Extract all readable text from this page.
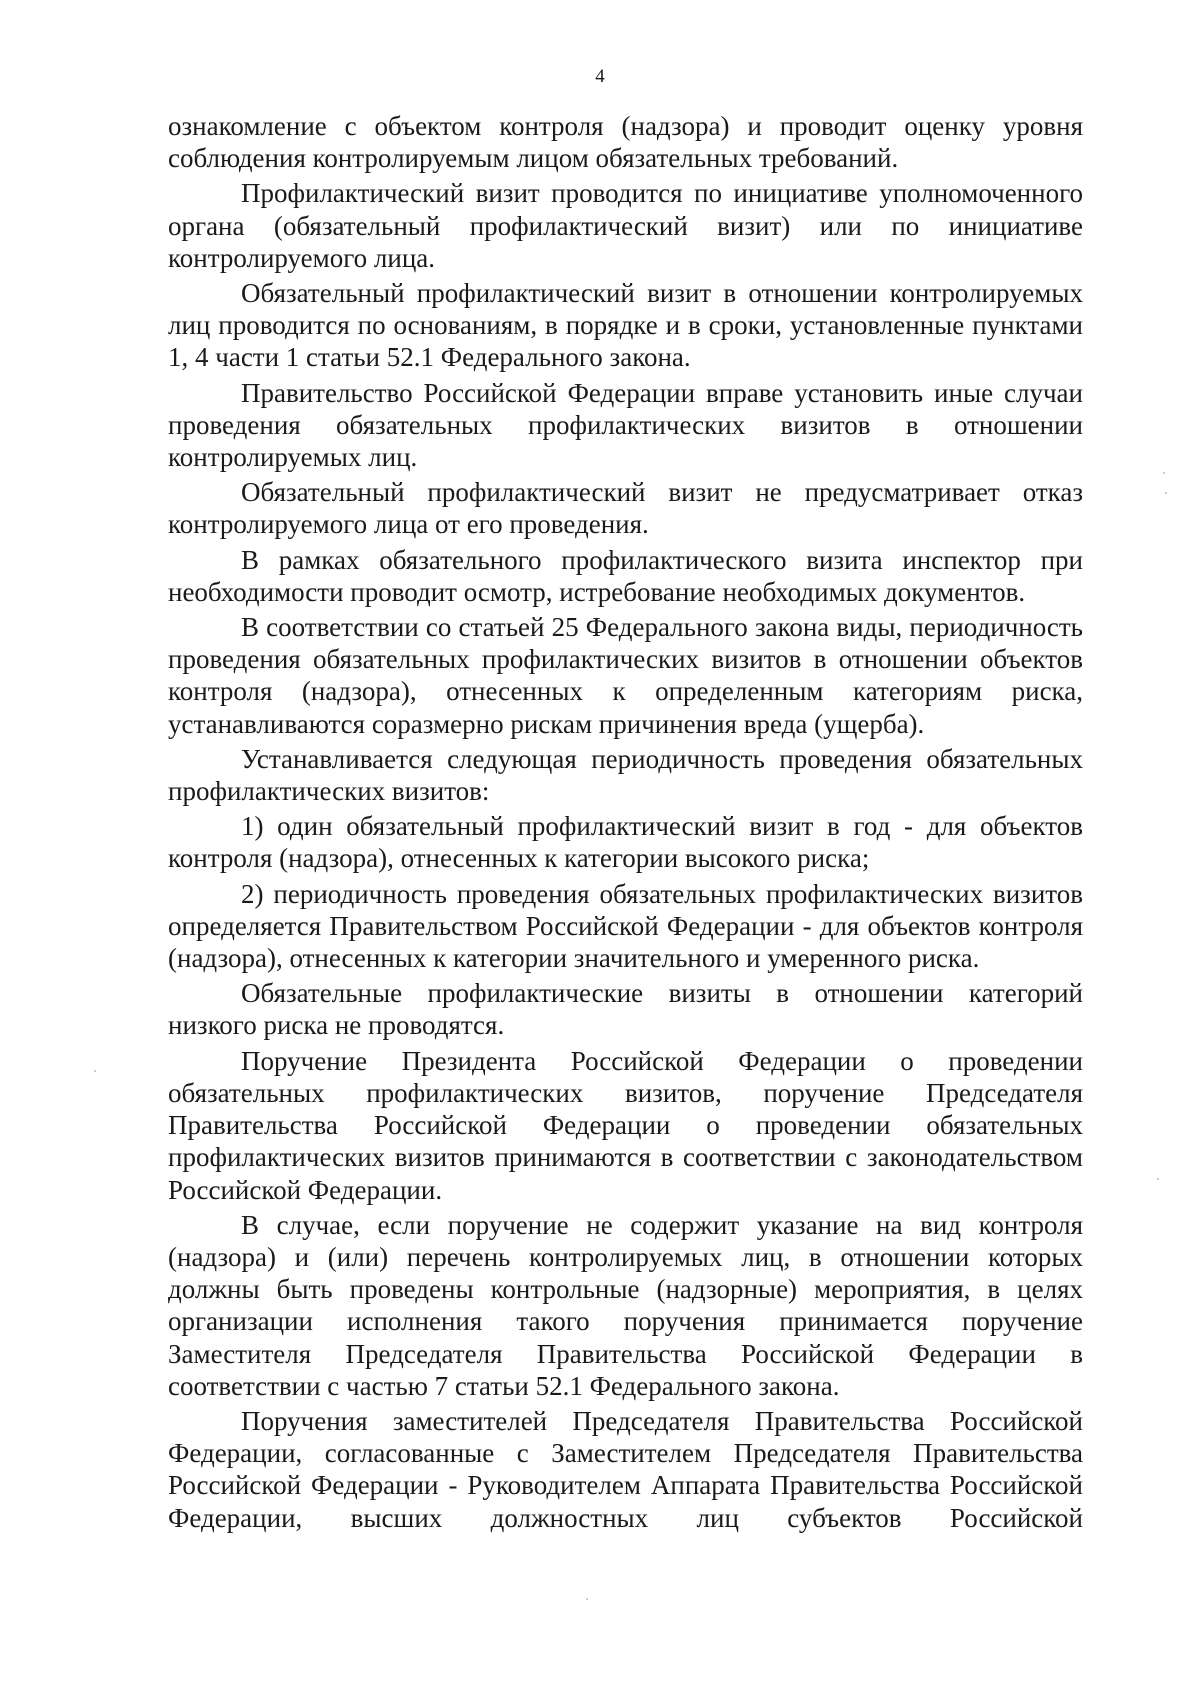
4

ознакомление с объектом контроля (надзора) и проводит оценку уровня соблюдения контролируемым лицом обязательных требований.

Профилактический визит проводится по инициативе уполномоченного органа (обязательный профилактический визит) или по инициативе контролируемого лица.

Обязательный профилактический визит в отношении контролируемых лиц проводится по основаниям, в порядке и в сроки, установленные пунктами 1, 4 части 1 статьи 52.1 Федерального закона.

Правительство Российской Федерации вправе установить иные случаи проведения обязательных профилактических визитов в отношении контролируемых лиц.

Обязательный профилактический визит не предусматривает отказ контролируемого лица от его проведения.

В рамках обязательного профилактического визита инспектор при необходимости проводит осмотр, истребование необходимых документов.

В соответствии со статьей 25 Федерального закона виды, периодичность проведения обязательных профилактических визитов в отношении объектов контроля (надзора), отнесенных к определенным категориям риска, устанавливаются соразмерно рискам причинения вреда (ущерба).

Устанавливается следующая периодичность проведения обязательных профилактических визитов:

1) один обязательный профилактический визит в год - для объектов контроля (надзора), отнесенных к категории высокого риска;

2) периодичность проведения обязательных профилактических визитов определяется Правительством Российской Федерации - для объектов контроля (надзора), отнесенных к категории значительного и умеренного риска.

Обязательные профилактические визиты в отношении категорий низкого риска не проводятся.

Поручение Президента Российской Федерации о проведении обязательных профилактических визитов, поручение Председателя Правительства Российской Федерации о проведении обязательных профилактических визитов принимаются в соответствии с законодательством Российской Федерации.

В случае, если поручение не содержит указание на вид контроля (надзора) и (или) перечень контролируемых лиц, в отношении которых должны быть проведены контрольные (надзорные) мероприятия, в целях организации исполнения такого поручения принимается поручение Заместителя Председателя Правительства Российской Федерации в соответствии с частью 7 статьи 52.1 Федерального закона.

Поручения заместителей Председателя Правительства Российской Федерации, согласованные с Заместителем Председателя Правительства Российской Федерации - Руководителем Аппарата Правительства Российской Федерации, высших должностных лиц субъектов Российской
